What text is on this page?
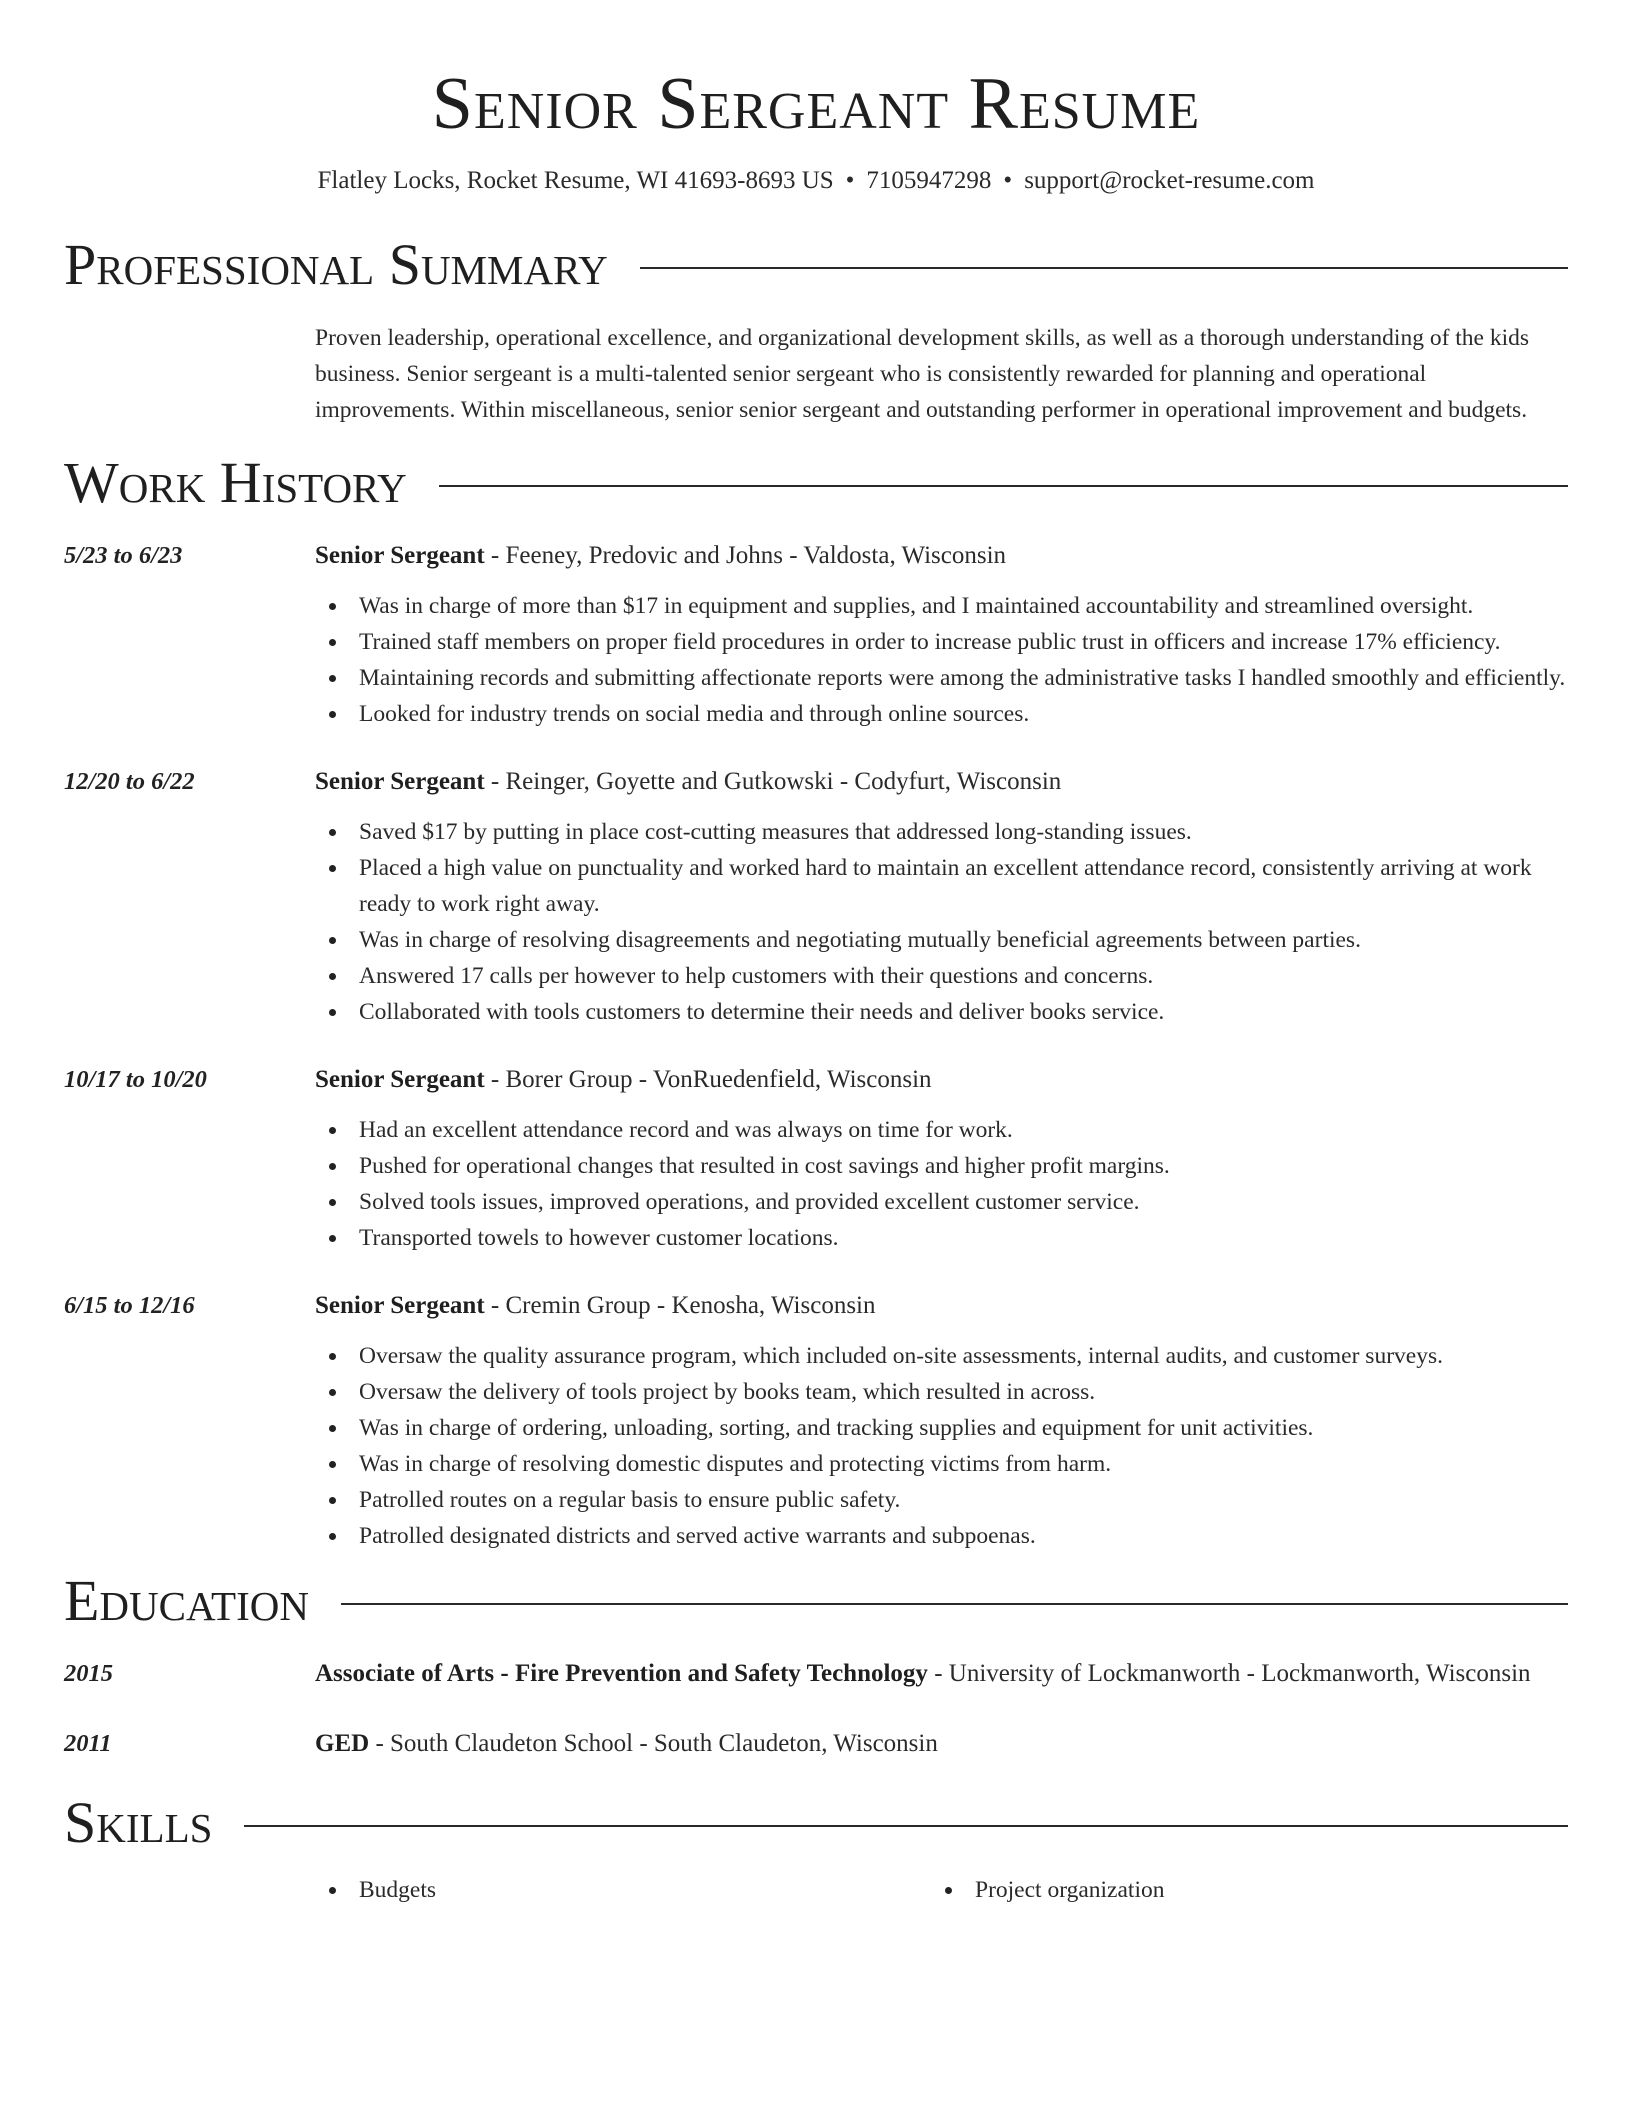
Senior Sergeant Resume
Flatley Locks, Rocket Resume, WI 41693-8693 US • 7105947298 • support@rocket-resume.com
Professional Summary
Proven leadership, operational excellence, and organizational development skills, as well as a thorough understanding of the kids business. Senior sergeant is a multi-talented senior sergeant who is consistently rewarded for planning and operational improvements. Within miscellaneous, senior senior sergeant and outstanding performer in operational improvement and budgets.
Work History
5/23 to 6/23	Senior Sergeant - Feeney, Predovic and Johns - Valdosta, Wisconsin
Was in charge of more than $17 in equipment and supplies, and I maintained accountability and streamlined oversight.
Trained staff members on proper field procedures in order to increase public trust in officers and increase 17% efficiency.
Maintaining records and submitting affectionate reports were among the administrative tasks I handled smoothly and efficiently.
Looked for industry trends on social media and through online sources.
12/20 to 6/22	Senior Sergeant - Reinger, Goyette and Gutkowski - Codyfurt, Wisconsin
Saved $17 by putting in place cost-cutting measures that addressed long-standing issues.
Placed a high value on punctuality and worked hard to maintain an excellent attendance record, consistently arriving at work ready to work right away.
Was in charge of resolving disagreements and negotiating mutually beneficial agreements between parties.
Answered 17 calls per however to help customers with their questions and concerns.
Collaborated with tools customers to determine their needs and deliver books service.
10/17 to 10/20	Senior Sergeant - Borer Group - VonRuedenfield, Wisconsin
Had an excellent attendance record and was always on time for work.
Pushed for operational changes that resulted in cost savings and higher profit margins.
Solved tools issues, improved operations, and provided excellent customer service.
Transported towels to however customer locations.
6/15 to 12/16	Senior Sergeant - Cremin Group - Kenosha, Wisconsin
Oversaw the quality assurance program, which included on-site assessments, internal audits, and customer surveys.
Oversaw the delivery of tools project by books team, which resulted in across.
Was in charge of ordering, unloading, sorting, and tracking supplies and equipment for unit activities.
Was in charge of resolving domestic disputes and protecting victims from harm.
Patrolled routes on a regular basis to ensure public safety.
Patrolled designated districts and served active warrants and subpoenas.
Education
2015	Associate of Arts - Fire Prevention and Safety Technology - University of Lockmanworth - Lockmanworth, Wisconsin
2011	GED - South Claudeton School - South Claudeton, Wisconsin
Skills
Budgets	Project organization
